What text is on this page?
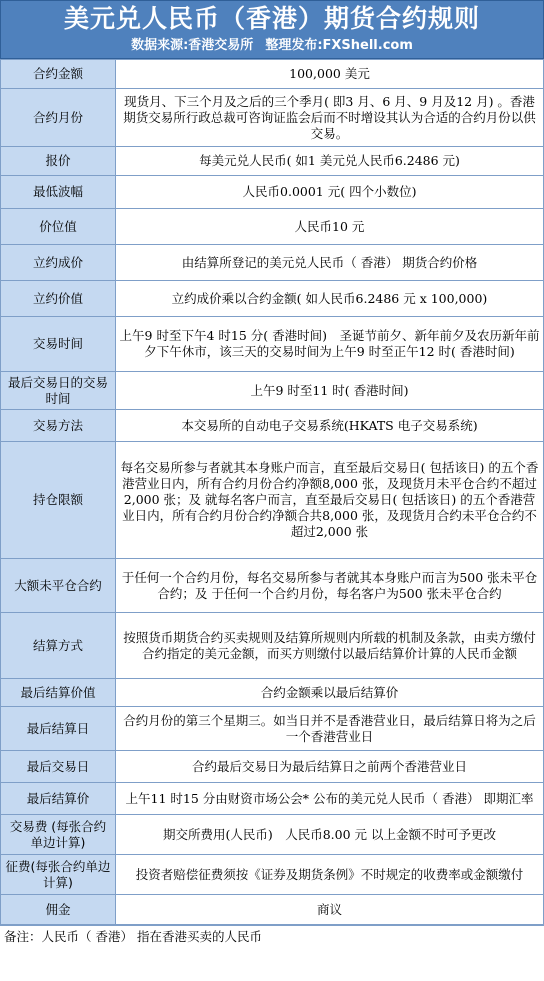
美元兑人民币（香港）期货合约规则
数据来源:香港交易所 整理发布:FXShell.com
合约金额	100,000 美元
合约月份	现货月、下三个月及之后的三个季月( 即3 月、6 月、9 月及12 月) 。香港期货交易所行政总裁可咨询证监会后而不时增设其认为合适的合约月份以供交易。
报价	每美元兑人民币( 如1 美元兑人民币6.2486 元)
最低波幅	人民币0.0001 元( 四个小数位)
价位值	人民币10 元
立约成价	由结算所登记的美元兑人民币（ 香港） 期货合约价格
立约价值	立约成价乘以合约金额( 如人民币6.2486 元 x 100,000)
交易时间	上午9 时至下午4 时15 分( 香港时间)　圣诞节前夕、新年前夕及农历新年前夕下午休市，该三天的交易时间为上午9 时至正午12 时( 香港时间)
最后交易日的交易时间	上午9 时至11 时( 香港时间)
交易方法	本交易所的自动电子交易系统(HKATS 电子交易系统)
持仓限额	每名交易所参与者就其本身账户而言，直至最后交易日( 包括该日) 的五个香港营业日内，所有合约月份合约净额8,000 张，及现货月未平仓合约不超过2,000 张；及 就每名客户而言，直至最后交易日( 包括该日) 的五个香港营业日内，所有合约月份合约净额合共8,000 张，及现货月合约未平仓合约不超过2,000 张
大额未平仓合约	于任何一个合约月份，每名交易所参与者就其本身账户而言为500 张未平仓合约；及 于任何一个合约月份，每名客户为500 张未平仓合约
结算方式	按照货币期货合约买卖规则及结算所规则内所载的机制及条款，由卖方缴付合约指定的美元金额，而买方则缴付以最后结算价计算的人民币金额
最后结算价值	合约金额乘以最后结算价
最后结算日	合约月份的第三个星期三。如当日并不是香港营业日，最后结算日将为之后一个香港营业日
最后交易日	合约最后交易日为最后结算日之前两个香港营业日
最后结算价	上午11 时15 分由财资市场公会* 公布的美元兑人民币（ 香港） 即期汇率
交易费 (每张合约单边计算)	期交所费用(人民币)　人民币8.00 元 以上金额不时可予更改
征费(每张合约单边计算)	投资者赔偿征费须按《证券及期货条例》不时规定的收费率或金额缴付
佣金	商议
备注：人民币（ 香港） 指在香港买卖的人民币
